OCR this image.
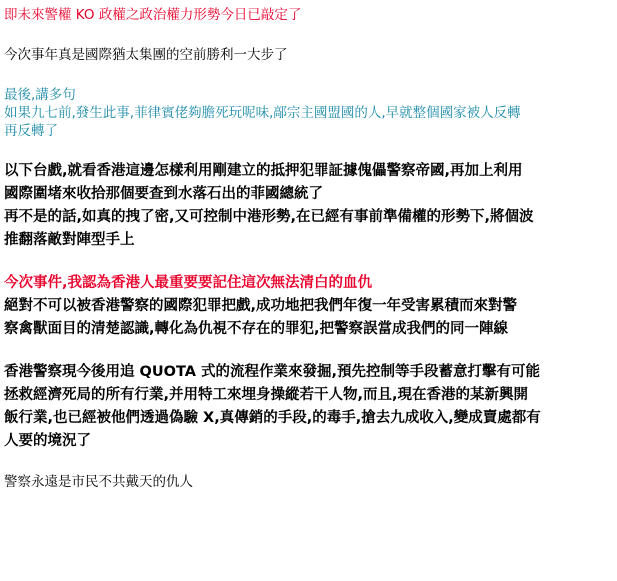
即未來警權 KO 政權之政治權力形勢今日已敲定了
今次事年真是國際猶太集團的空前勝利一大步了
最後,講多句
如果九七前,發生此事,菲律賓佬夠膽死玩呢味,鄗宗主國盟國的人,早就整個國家被人反轉
再反轉了
以下台戲,就看香港這邊怎樣利用剛建立的抵押犯罪証據傀儡警察帝國,再加上利用
國際圍堵來收拾那個要查到水落石出的菲國總統了
再不是的話,如真的拽了密,又可控制中港形勢,在已經有事前準備權的形勢下,將個波
推翻落敵對陣型手上
今次事件,我認為香港人最重要要記住這次無法清白的血仇
絕對不可以被香港警察的國際犯罪把戲,成功地把我們年復一年受害累積而來對警
察禽獸面目的清楚認識,轉化為仇視不存在的罪犯,把警察誤當成我們的同一陣線
香港警察現今後用追 QUOTA 式的流程作業來發掘,預先控制等手段蓄意打擊有可能
拯救經濟死局的所有行業,并用特工來埋身操縱若干人物,而且,現在香港的某新興開
飯行業,也已經被他們透過偽驗 X,真傳銷的手段,的毒手,搶去九成收入,變成賣處都有
人要的境況了
警察永遠是市民不共戴天的仇人
